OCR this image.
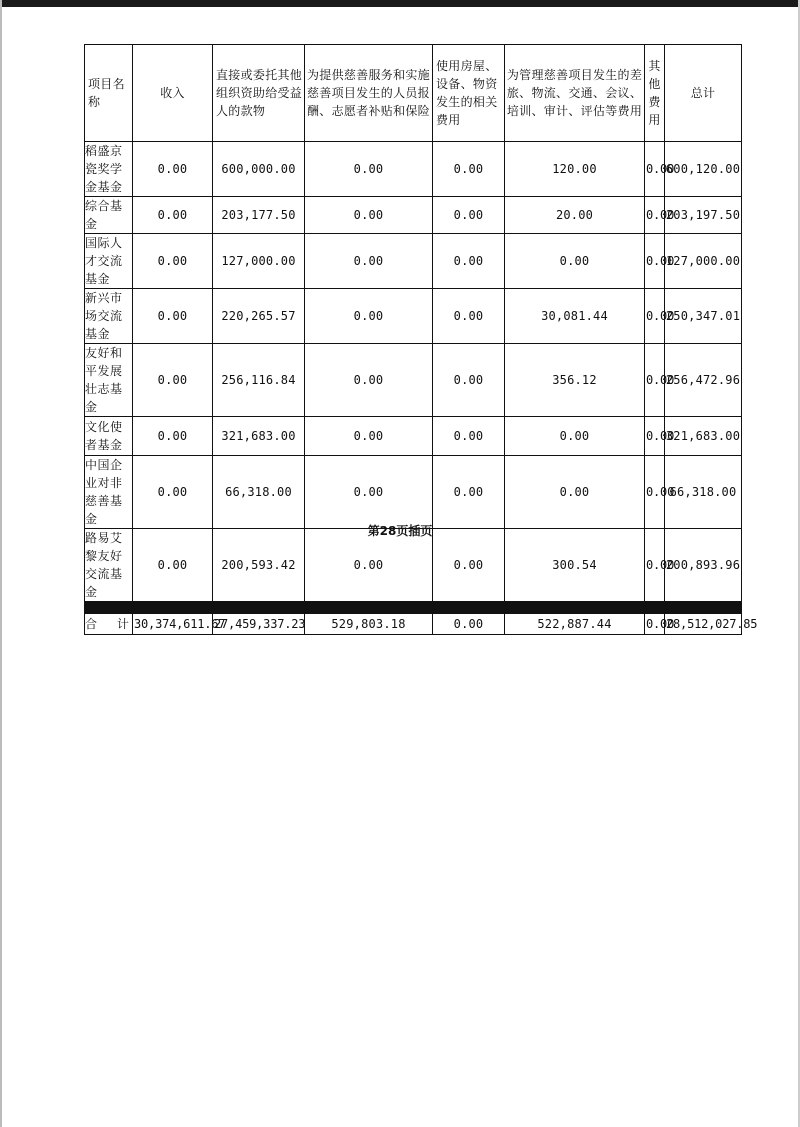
项目名称	收入	直接或委托其他组织资助给受益人的款物	为提供慈善服务和实施慈善项目发生的人员报酬、志愿者补贴和保险	使用房屋、设备、物资发生的相关费用	为管理慈善项目发生的差旅、物流、交通、会议、培训、审计、评估等费用	其他费用	总计
稻盛京瓷奖学金基金	0.00	600,000.00	0.00	0.00	120.00	0.00	600,120.00
综合基金	0.00	203,177.50	0.00	0.00	20.00	0.00	203,197.50
国际人才交流基金	0.00	127,000.00	0.00	0.00	0.00	0.00	127,000.00
新兴市场交流基金	0.00	220,265.57	0.00	0.00	30,081.44	0.00	250,347.01
友好和平发展壮志基金	0.00	256,116.84	0.00	0.00	356.12	0.00	256,472.96
文化使者基金	0.00	321,683.00	0.00	0.00	0.00	0.00	321,683.00
中国企业对非慈善基金	0.00	66,318.00	0.00	0.00	0.00	0.00	66,318.00
路易艾黎友好交流基金	0.00	200,593.42	0.00	0.00	300.54	0.00	200,893.96

合 计	30,374,611.67	27,459,337.23	529,803.18	0.00	522,887.44	0.00	28,512,027.85
第28页插页
